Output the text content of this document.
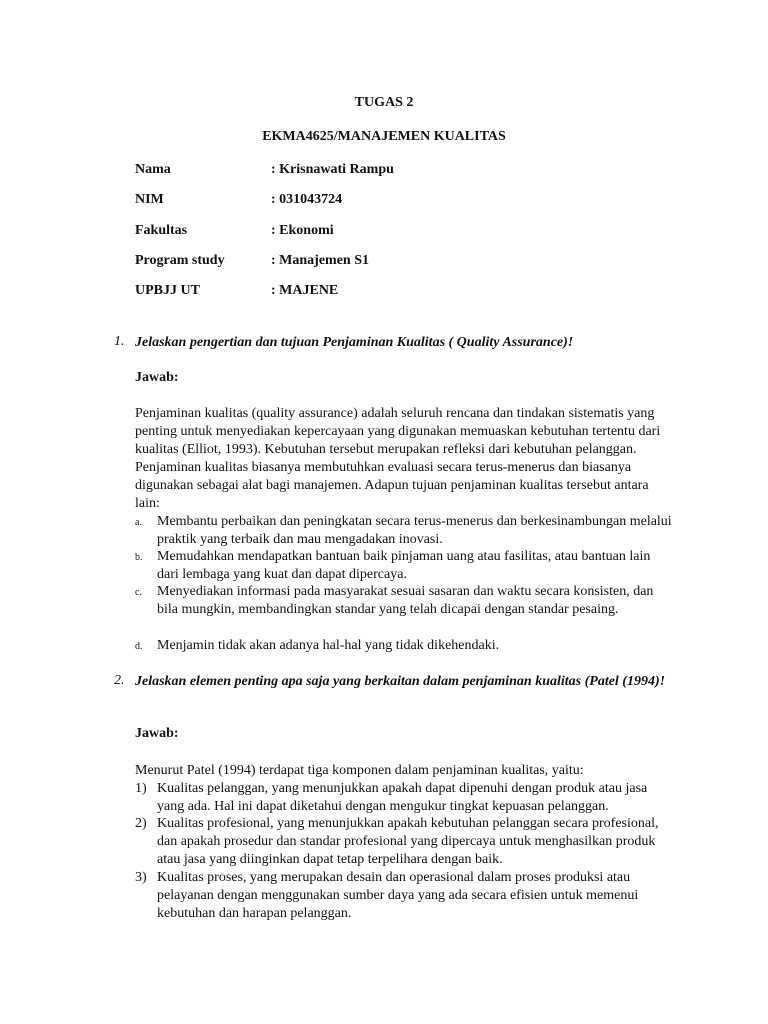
TUGAS 2
EKMA4625/MANAJEMEN KUALITAS
Nama	: Krisnawati Rampu
NIM	: 031043724
Fakultas	: Ekonomi
Program study	: Manajemen S1
UPBJJ UT	: MAJENE
1. Jelaskan pengertian dan tujuan Penjaminan Kualitas ( Quality Assurance)!
Jawab:
Penjaminan kualitas (quality assurance) adalah seluruh rencana dan tindakan sistematis yang penting untuk menyediakan kepercayaan yang digunakan memuaskan kebutuhan tertentu dari kualitas (Elliot, 1993). Kebutuhan tersebut merupakan refleksi dari kebutuhan pelanggan. Penjaminan kualitas biasanya membutuhkan evaluasi secara terus-menerus dan biasanya digunakan sebagai alat bagi manajemen. Adapun tujuan penjaminan kualitas tersebut antara lain:
a. Membantu perbaikan dan peningkatan secara terus-menerus dan berkesinambungan melalui praktik yang terbaik dan mau mengadakan inovasi.
b. Memudahkan mendapatkan bantuan baik pinjaman uang atau fasilitas, atau bantuan lain dari lembaga yang kuat dan dapat dipercaya.
c. Menyediakan informasi pada masyarakat sesuai sasaran dan waktu secara konsisten, dan bila mungkin, membandingkan standar yang telah dicapai dengan standar pesaing.
d. Menjamin tidak akan adanya hal-hal yang tidak dikehendaki.
2. Jelaskan elemen penting apa saja yang berkaitan dalam penjaminan kualitas (Patel (1994)!
Jawab:
Menurut Patel (1994) terdapat tiga komponen dalam penjaminan kualitas, yaitu:
1) Kualitas pelanggan, yang menunjukkan apakah dapat dipenuhi dengan produk atau jasa yang ada. Hal ini dapat diketahui dengan mengukur tingkat kepuasan pelanggan.
2) Kualitas profesional, yang menunjukkan apakah kebutuhan pelanggan secara profesional, dan apakah prosedur dan standar profesional yang dipercaya untuk menghasilkan produk atau jasa yang diinginkan dapat tetap terpelihara dengan baik.
3) Kualitas proses, yang merupakan desain dan operasional dalam proses produksi atau pelayanan dengan menggunakan sumber daya yang ada secara efisien untuk memenui kebutuhan dan harapan pelanggan.
